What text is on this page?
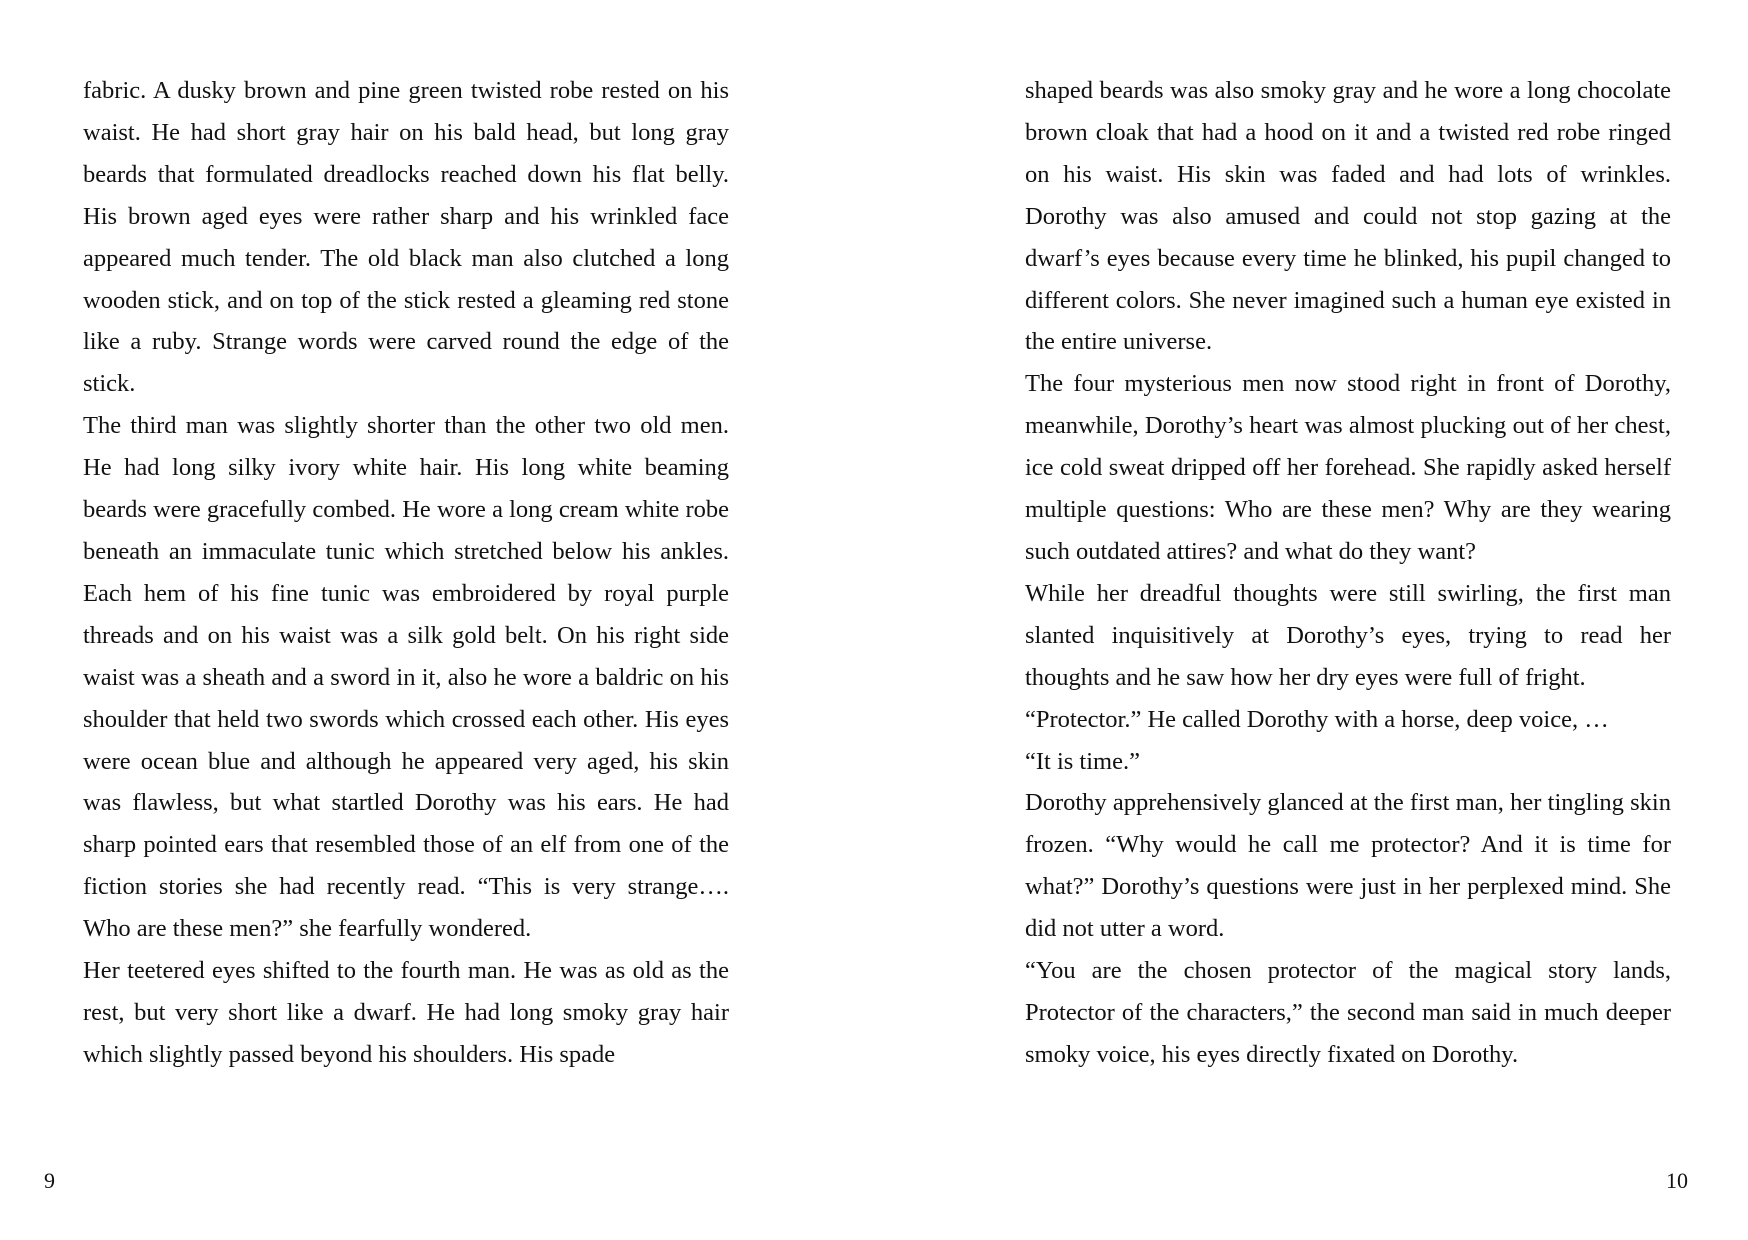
fabric. A dusky brown and pine green twisted robe rested on his waist. He had short gray hair on his bald head, but long gray beards that formulated dreadlocks reached down his flat belly. His brown aged eyes were rather sharp and his wrinkled face appeared much tender. The old black man also clutched a long wooden stick, and on top of the stick rested a gleaming red stone like a ruby. Strange words were carved round the edge of the stick.

The third man was slightly shorter than the other two old men. He had long silky ivory white hair. His long white beaming beards were gracefully combed. He wore a long cream white robe beneath an immaculate tunic which stretched below his ankles. Each hem of his fine tunic was embroidered by royal purple threads and on his waist was a silk gold belt. On his right side waist was a sheath and a sword in it, also he wore a baldric on his shoulder that held two swords which crossed each other. His eyes were ocean blue and although he appeared very aged, his skin was flawless, but what startled Dorothy was his ears. He had sharp pointed ears that resembled those of an elf from one of the fiction stories she had recently read. “This is very strange…. Who are these men?” she fearfully wondered.

Her teetered eyes shifted to the fourth man. He was as old as the rest, but very short like a dwarf. He had long smoky gray hair which slightly passed beyond his shoulders. His spade

9

shaped beards was also smoky gray and he wore a long chocolate brown cloak that had a hood on it and a twisted red robe ringed on his waist. His skin was faded and had lots of wrinkles. Dorothy was also amused and could not stop gazing at the dwarf’s eyes because every time he blinked, his pupil changed to different colors. She never imagined such a human eye existed in the entire universe.

The four mysterious men now stood right in front of Dorothy, meanwhile, Dorothy’s heart was almost plucking out of her chest, ice cold sweat dripped off her forehead. She rapidly asked herself multiple questions: Who are these men? Why are they wearing such outdated attires? and what do they want?

While her dreadful thoughts were still swirling, the first man slanted inquisitively at Dorothy’s eyes, trying to read her thoughts and he saw how her dry eyes were full of fright.

“Protector.” He called Dorothy with a horse, deep voice, …

“It is time.”

Dorothy apprehensively glanced at the first man, her tingling skin frozen. “Why would he call me protector? And it is time for what?” Dorothy’s questions were just in her perplexed mind. She did not utter a word.

“You are the chosen protector of the magical story lands, Protector of the characters,” the second man said in much deeper smoky voice, his eyes directly fixated on Dorothy.

10
